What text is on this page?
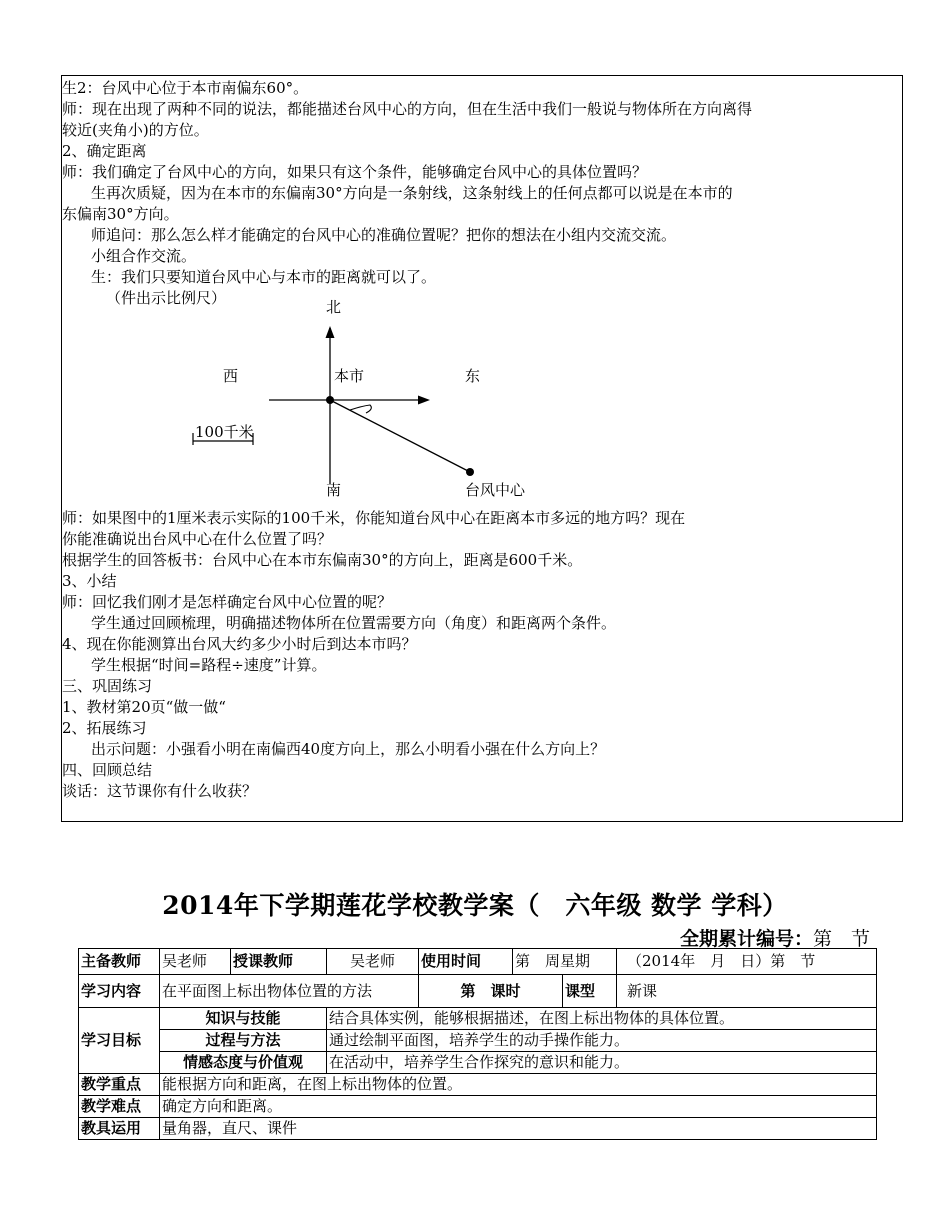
生2：台风中心位于本市南偏东60°。
师：现在出现了两种不同的说法，都能描述台风中心的方向，但在生活中我们一般说与物体所在方向离得
较近(夹角小)的方位。
2、确定距离
师：我们确定了台风中心的方向，如果只有这个条件，能够确定台风中心的具体位置吗？
生再次质疑，因为在本市的东偏南30°方向是一条射线，这条射线上的任何点都可以说是在本市的
东偏南30°方向。
师追问：那么怎么样才能确定的台风中心的准确位置呢？把你的想法在小组内交流交流。
小组合作交流。
生：我们只要知道台风中心与本市的距离就可以了。
（件出示比例尺）	北
西	本市	东
100千米
南	台风中心
师：如果图中的1厘米表示实际的100千米，你能知道台风中心在距离本市多远的地方吗？现在
你能准确说出台风中心在什么位置了吗？
根据学生的回答板书：台风中心在本市东偏南30°的方向上，距离是600千米。
3、小结
师：回忆我们刚才是怎样确定台风中心位置的呢？
学生通过回顾梳理，明确描述物体所在位置需要方向（角度）和距离两个条件。
4、现在你能测算出台风大约多少小时后到达本市吗？
学生根据“时间=路程÷速度”计算。
三、巩固练习
1、教材第20页“做一做“
2、拓展练习
出示问题：小强看小明在南偏西40度方向上，那么小明看小强在什么方向上？
四、回顾总结
谈话：这节课你有什么收获？
2014年下学期莲花学校教学案（　六年级 数学 学科）
全期累计编号：第　节
主备教师	吴老师	授课教师	吴老师	使用时间	第　周星期		（2014年　月　日）第　节
学习内容	在平面图上标出物体位置的方法			第　课时		课型	新课
学习目标	知识与技能		结合具体实例，能够根据描述，在图上标出物体的具体位置。				
	过程与方法		通过绘制平面图，培养学生的动手操作能力。				
	情感态度与价值观		在活动中，培养学生合作探究的意识和能力。				
教学重点	能根据方向和距离，在图上标出物体的位置。						
教学难点	确定方向和距离。						
教具运用	量角器，直尺、课件						
